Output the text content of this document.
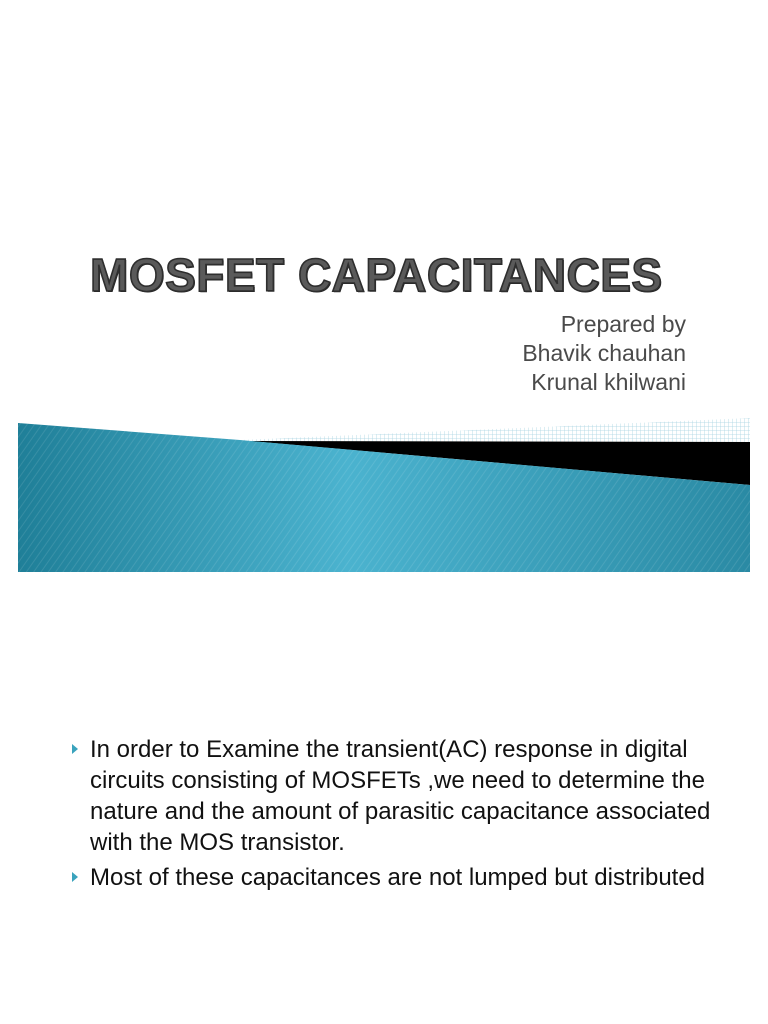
MOSFET CAPACITANCES
Prepared by
Bhavik chauhan
Krunal khilwani
In order to Examine the transient(AC) response in digital circuits consisting of MOSFETs ,we need to determine the nature and the amount of parasitic capacitance associated with the MOS transistor.
Most of these capacitances are not lumped but distributed
